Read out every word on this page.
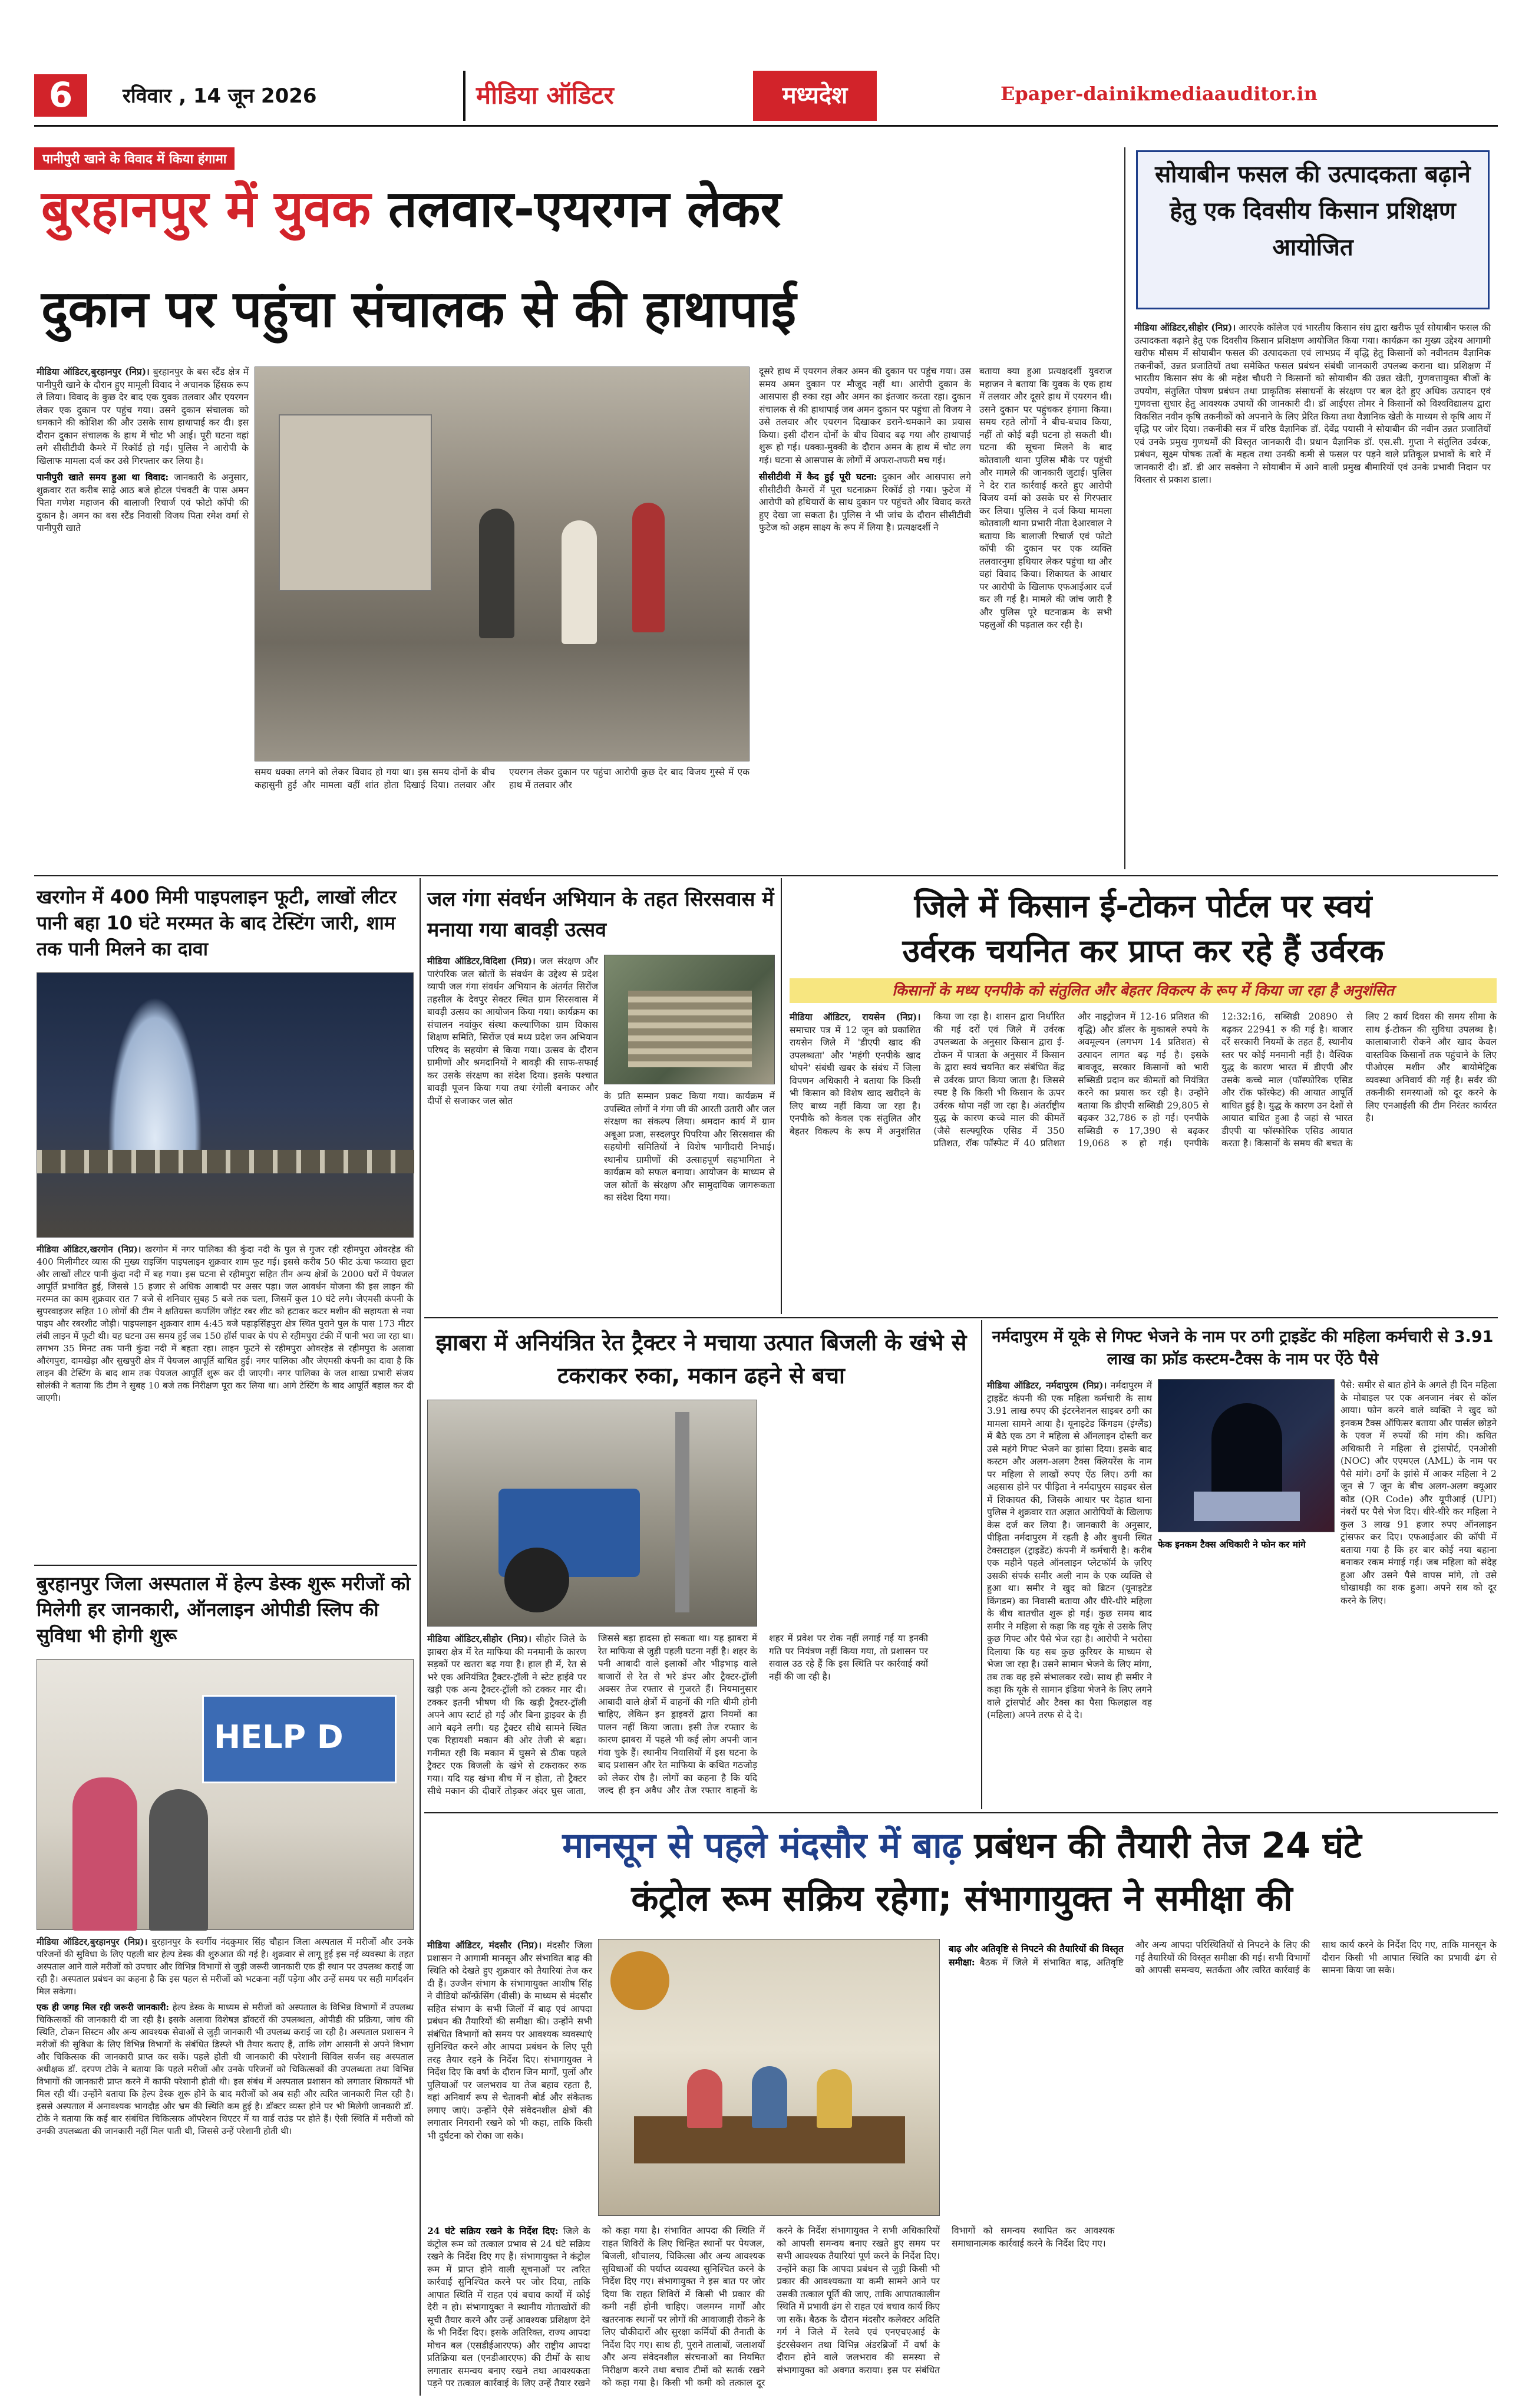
6	रविवार , 14 जून 2026	मीडिया ऑडिटर	मध्यदेश	Epaper-dainikmediaauditor.in
पानीपुरी खाने के विवाद में किया हंगामा
बुरहानपुर में युवक तलवार-एयरगन लेकर
दुकान पर पहुंचा संचालक से की हाथापाई

मीडिया ऑडिटर,बुरहानपुर (निप्र)। बुरहानपुर के बस स्टैंड क्षेत्र में पानीपुरी खाने के दौरान हुए मामूली विवाद ने अचानक हिंसक रूप ले लिया। विवाद के कुछ देर बाद एक युवक तलवार और एयरगन लेकर एक दुकान पर पहुंच गया। उसने दुकान संचालक को धमकाने की कोशिश की और उसके साथ हाथापाई कर दी। इस दौरान दुकान संचालक के हाथ में चोट भी आई। पूरी घटना वहां लगे सीसीटीवी कैमरे में रिकॉर्ड हो गई। पुलिस ने आरोपी के खिलाफ मामला दर्ज कर उसे गिरफ्तार कर लिया है।

पानीपुरी खाते समय हुआ था विवाद: जानकारी के अनुसार, शुक्रवार रात करीब साढ़े आठ बजे होटल पंचवटी के पास अमन पिता गणेश महाजन की बालाजी रिचार्ज एवं फोटो कॉपी की दुकान है। अमन का बस स्टैंड निवासी विजय पिता रमेश वर्मा से पानीपुरी खाते

समय धक्का लगने को लेकर विवाद हो गया था। इस समय दोनों के बीच कहासुनी हुई और मामला वहीं शांत होता दिखाई दिया। तलवार और एयरगन लेकर दुकान पर पहुंचा आरोपी कुछ देर बाद विजय गुस्से में एक हाथ में तलवार और

दूसरे हाथ में एयरगन लेकर अमन की दुकान पर पहुंच गया। उस समय अमन दुकान पर मौजूद नहीं था। आरोपी दुकान के आसपास ही रुका रहा और अमन का इंतजार करता रहा। दुकान संचालक से की हाथापाई जब अमन दुकान पर पहुंचा तो विजय ने उसे तलवार और एयरगन दिखाकर डराने-धमकाने का प्रयास किया। इसी दौरान दोनों के बीच विवाद बढ़ गया और हाथापाई शुरू हो गई। धक्का-मुक्की के दौरान अमन के हाथ में चोट लग गई। घटना से आसपास के लोगों में अफरा-तफरी मच गई।

सीसीटीवी में कैद हुई पूरी घटना: दुकान और आसपास लगे सीसीटीवी कैमरों में पूरा घटनाक्रम रिकॉर्ड हो गया। फुटेज में आरोपी को हथियारों के साथ दुकान पर पहुंचते और विवाद करते हुए देखा जा सकता है। पुलिस ने भी जांच के दौरान सीसीटीवी फुटेज को अहम साक्ष्य के रूप में लिया है। प्रत्यक्षदर्शी ने

बताया क्या हुआ प्रत्यक्षदर्शी युवराज महाजन ने बताया कि युवक के एक हाथ में तलवार और दूसरे हाथ में एयरगन थी। उसने दुकान पर पहुंचकर हंगामा किया। समय रहते लोगों ने बीच-बचाव किया, नहीं तो कोई बड़ी घटना हो सकती थी। घटना की सूचना मिलने के बाद कोतवाली थाना पुलिस मौके पर पहुंची और मामले की जानकारी जुटाई। पुलिस ने देर रात कार्रवाई करते हुए आरोपी विजय वर्मा को उसके घर से गिरफ्तार कर लिया। पुलिस ने दर्ज किया मामला कोतवाली थाना प्रभारी नीता देआरवाल ने बताया कि बालाजी रिचार्ज एवं फोटो कॉपी की दुकान पर एक व्यक्ति तलवारनुमा हथियार लेकर पहुंचा था और वहां विवाद किया। शिकायत के आधार पर आरोपी के खिलाफ एफआईआर दर्ज कर ली गई है। मामले की जांच जारी है और पुलिस पूरे घटनाक्रम के सभी पहलुओं की पड़ताल कर रही है।

सोयाबीन फसल की उत्पादकता बढ़ाने हेतु एक दिवसीय किसान प्रशिक्षण आयोजित

मीडिया ऑडिटर,सीहोर (निप्र)। आरएके कॉलेज एवं भारतीय किसान संघ द्वारा खरीफ पूर्व सोयाबीन फसल की उत्पादकता बढ़ाने हेतु एक दिवसीय किसान प्रशिक्षण आयोजित किया गया। कार्यक्रम का मुख्य उद्देश्य आगामी खरीफ मौसम में सोयाबीन फसल की उत्पादकता एवं लाभप्रद में वृद्धि हेतु किसानों को नवीनतम वैज्ञानिक तकनीकों, उन्नत प्रजातियों तथा समेकित फसल प्रबंधन संबंधी जानकारी उपलब्ध कराना था। प्रशिक्षण में भारतीय किसान संघ के श्री महेश चौधरी ने किसानों को सोयाबीन की उन्नत खेती, गुणवत्तायुक्त बीजों के उपयोग, संतुलित पोषण प्रबंधन तथा प्राकृतिक संसाधनों के संरक्षण पर बल देते हुए अधिक उत्पादन एवं गुणवत्ता सुधार हेतु आवश्यक उपायों की जानकारी दी। डॉ आईएस तोमर ने किसानों को विश्वविद्यालय द्वारा विकसित नवीन कृषि तकनीकों को अपनाने के लिए प्रेरित किया तथा वैज्ञानिक खेती के माध्यम से कृषि आय में वृद्धि पर जोर दिया। तकनीकी सत्र में वरिष्ठ वैज्ञानिक डॉ. देवेंद्र पयासी ने सोयाबीन की नवीन उन्नत प्रजातियों एवं उनके प्रमुख गुणधर्मों की विस्तृत जानकारी दी। प्रधान वैज्ञानिक डॉ. एस.सी. गुप्ता ने संतुलित उर्वरक, प्रबंधन, सूक्ष्म पोषक तत्वों के महत्व तथा उनकी कमी से फसल पर पड़ने वाले प्रतिकूल प्रभावों के बारे में जानकारी दी। डॉ. डी आर सक्सेना ने सोयाबीन में आने वाली प्रमुख बीमारियों एवं उनके प्रभावी निदान पर विस्तार से प्रकाश डाला।

खरगोन में 400 मिमी पाइपलाइन फूटी, लाखों लीटर पानी बहा 10 घंटे मरम्मत के बाद टेस्टिंग जारी, शाम तक पानी मिलने का दावा

मीडिया ऑडिटर,खरगोन (निप्र)। खरगोन में नगर पालिका की कुंदा नदी के पुल से गुजर रही रहीमपुरा ओवरहेड की 400 मिलीमीटर व्यास की मुख्य राइजिंग पाइपलाइन शुक्रवार शाम फूट गई। इससे करीब 50 फीट ऊंचा फव्वारा छूटा और लाखों लीटर पानी कुंदा नदी में बह गया। इस घटना से रहीमपुरा सहित तीन अन्य क्षेत्रों के 2000 घरों में पेयजल आपूर्ति प्रभावित हुई, जिससे 15 हजार से अधिक आबादी पर असर पड़ा। जल आवर्धन योजना की इस लाइन की मरम्मत का काम शुक्रवार रात 7 बजे से शनिवार सुबह 5 बजे तक चला, जिसमें कुल 10 घंटे लगे। जेएमसी कंपनी के सुपरवाइजर सहित 10 लोगों की टीम ने क्षतिग्रस्त कपलिंग जॉइंट रबर शीट को हटाकर कटर मशीन की सहायता से नया पाइप और रबरशीट जोड़ी। पाइपलाइन शुक्रवार शाम 4:45 बजे पहाड़सिंहपुरा क्षेत्र स्थित पुराने पुल के पास 173 मीटर लंबी लाइन में फूटी थी। यह घटना उस समय हुई जब 150 हॉर्स पावर के पंप से रहीमपुरा टंकी में पानी भरा जा रहा था। लगभग 35 मिनट तक पानी कुंदा नदी में बहता रहा। लाइन फूटने से रहीमपुरा ओवरहेड से रहीमपुरा के अलावा औरंगपुरा, दामखेड़ा और सुखपुरी क्षेत्र में पेयजल आपूर्ति बाधित हुई। नगर पालिका और जेएमसी कंपनी का दावा है कि लाइन की टेस्टिंग के बाद शाम तक पेयजल आपूर्ति शुरू कर दी जाएगी। नगर पालिका के जल शाखा प्रभारी संजय सोलंकी ने बताया कि टीम ने सुबह 10 बजे तक निरीक्षण पूरा कर लिया था। आगे टेस्टिंग के बाद आपूर्ति बहाल कर दी जाएगी।

बुरहानपुर जिला अस्पताल में हेल्प डेस्क शुरू मरीजों को मिलेगी हर जानकारी, ऑनलाइन ओपीडी स्लिप की सुविधा भी होगी शुरू
HELP D

मीडिया ऑडिटर,बुरहानपुर (निप्र)। बुरहानपुर के स्वर्गीय नंदकुमार सिंह चौहान जिला अस्पताल में मरीजों और उनके परिजनों की सुविधा के लिए पहली बार हेल्प डेस्क की शुरुआत की गई है। शुक्रवार से लागू हुई इस नई व्यवस्था के तहत अस्पताल आने वाले मरीजों को उपचार और विभिन्न विभागों से जुड़ी जरूरी जानकारी एक ही स्थान पर उपलब्ध कराई जा रही है। अस्पताल प्रबंधन का कहना है कि इस पहल से मरीजों को भटकना नहीं पड़ेगा और उन्हें समय पर सही मार्गदर्शन मिल सकेगा।

एक ही जगह मिल रही जरूरी जानकारी: हेल्प डेस्क के माध्यम से मरीजों को अस्पताल के विभिन्न विभागों में उपलब्ध चिकित्सकों की जानकारी दी जा रही है। इसके अलावा विशेषज्ञ डॉक्टरों की उपलब्धता, ओपीडी की प्रक्रिया, जांच की स्थिति, टोकन सिस्टम और अन्य आवश्यक सेवाओं से जुड़ी जानकारी भी उपलब्ध कराई जा रही है। अस्पताल प्रशासन ने मरीजों की सुविधा के लिए विभिन्न विभागों के संबंधित डिस्प्ले भी तैयार कराए हैं, ताकि लोग आसानी से अपने विभाग और चिकित्सक की जानकारी प्राप्त कर सकें। पहले होती थी जानकारी की परेशानी सिविल सर्जन सह अस्पताल अधीक्षक डॉ. दरपण टोके ने बताया कि पहले मरीजों और उनके परिजनों को चिकित्सकों की उपलब्धता तथा विभिन्न विभागों की जानकारी प्राप्त करने में काफी परेशानी होती थी। इस संबंध में अस्पताल प्रशासन को लगातार शिकायतें भी मिल रही थीं। उन्होंने बताया कि हेल्प डेस्क शुरू होने के बाद मरीजों को अब सही और त्वरित जानकारी मिल रही है। इससे अस्पताल में अनावश्यक भागदौड़ और भ्रम की स्थिति कम हुई है। डॉक्टर व्यस्त होने पर भी मिलेगी जानकारी डॉ. टोके ने बताया कि कई बार संबंधित चिकित्सक ऑपरेशन थिएटर में या वार्ड राउंड पर होते हैं। ऐसी स्थिति में मरीजों को उनकी उपलब्धता की जानकारी नहीं मिल पाती थी, जिससे उन्हें परेशानी होती थी।

जल गंगा संवर्धन अभियान के तहत सिरसवास में मनाया गया बावड़ी उत्सव

मीडिया ऑडिटर,विदिशा (निप्र)। जल संरक्षण और पारंपरिक जल स्रोतों के संवर्धन के उद्देश्य से प्रदेश व्यापी जल गंगा संवर्धन अभियान के अंतर्गत सिरोंज तहसील के देवपुर सेक्टर स्थित ग्राम सिरसवास में बावड़ी उत्सव का आयोजन किया गया। कार्यक्रम का संचालन नवांकुर संस्था कल्याणिका ग्राम विकास शिक्षण समिति, सिरोंज एवं मध्य प्रदेश जन अभियान परिषद के सहयोग से किया गया। उत्सव के दौरान ग्रामीणों और श्रमदानियों ने बावड़ी की साफ-सफाई कर उसके संरक्षण का संदेश दिया। इसके पश्चात बावड़ी पूजन किया गया तथा रंगोली बनाकर और दीपों से सजाकर जल स्रोत	के प्रति सम्मान प्रकट किया गया। कार्यक्रम में उपस्थित लोगों ने गंगा जी की आरती उतारी और जल संरक्षण का संकल्प लिया। श्रमदान कार्य में ग्राम अबूआ प्रजा, सस्दलपुर पिपरिया और सिरसवास की सहयोगी समितियों ने विशेष भागीदारी निभाई। स्थानीय ग्रामीणों की उत्साहपूर्ण सहभागिता ने कार्यक्रम को सफल बनाया। आयोजन के माध्यम से जल स्रोतों के संरक्षण और सामुदायिक जागरूकता का संदेश दिया गया।

जिले में किसान ई-टोकन पोर्टल पर स्वयं
उर्वरक चयनित कर प्राप्त कर रहे हैं उर्वरक
किसानों के मध्य एनपीके को संतुलित और बेहतर विकल्प के रूप में किया जा रहा है अनुशंसित

मीडिया ऑडिटर, रायसेन (निप्र)। समाचार पत्र में 12 जून को प्रकाशित रायसेन जिले में 'डीएपी खाद की उपलब्धता' और 'महंगी एनपीके खाद थोपने' संबंधी खबर के संबंध में जिला विपणन अधिकारी ने बताया कि किसी भी किसान को विशेष खाद खरीदने के लिए बाध्य नहीं किया जा रहा है। एनपीके को केवल एक संतुलित और बेहतर विकल्प के रूप में अनुशंसित किया जा रहा है। शासन द्वारा निर्धारित की गई दरों एवं जिले में उर्वरक उपलब्धता के अनुसार किसान द्वारा ई-टोकन में पात्रता के अनुसार में किसान के द्वारा स्वयं चयनित कर संबंधित केंद्र से उर्वरक प्राप्त किया जाता है। जिससे स्पष्ट है कि किसी भी किसान के ऊपर उर्वरक थोपा नहीं जा रहा है। अंतर्राष्ट्रीय युद्ध के कारण कच्चे माल की कीमतें (जैसे सल्फ्यूरिक एसिड में 350 प्रतिशत, रॉक फॉस्फेट में 40 प्रतिशत और नाइट्रोजन में 12-16 प्रतिशत की वृद्धि) और डॉलर के मुकाबले रुपये के अवमूल्यन (लगभग 14 प्रतिशत) से उत्पादन लागत बढ़ गई है। इसके बावजूद, सरकार किसानों को भारी सब्सिडी प्रदान कर कीमतों को नियंत्रित करने का प्रयास कर रही है। उन्होंने बताया कि डीएपी सब्सिडी 29,805 से बढ़कर 32,786 रु हो गई। एनपीके सब्सिडी रु 17,390 से बढ़कर 19,068 रु हो गई। एनपीके 12:32:16, सब्सिडी 20890 से बढ़कर 22941 रु की गई है। बाजार दरें सरकारी नियमों के तहत हैं, स्थानीय स्तर पर कोई मनमानी नहीं है। वैश्विक युद्ध के कारण भारत में डीएपी और उसके कच्चे माल (फॉस्फोरिक एसिड और रॉक फॉस्फेट) की आयात आपूर्ति बाधित हुई है। युद्ध के कारण उन देशों से आयात बाधित हुआ है जहां से भारत डीएपी या फॉस्फोरिक एसिड आयात करता है। किसानों के समय की बचत के लिए 2 कार्य दिवस की समय सीमा के साथ ई-टोकन की सुविधा उपलब्ध है। कालाबाजारी रोकने और खाद केवल वास्तविक किसानों तक पहुंचाने के लिए पीओएस मशीन और बायोमेट्रिक व्यवस्था अनिवार्य की गई है। सर्वर की तकनीकी समस्याओं को दूर करने के लिए एनआईसी की टीम निरंतर कार्यरत है।

झाबरा में अनियंत्रित रेत ट्रैक्टर ने मचाया उत्पात बिजली के खंभे से टकराकर रुका, मकान ढहने से बचा

मीडिया ऑडिटर,सीहोर (निप्र)। सीहोर जिले के झाबरा क्षेत्र में रेत माफिया की मनमानी के कारण सड़कों पर खतरा बढ़ गया है। हाल ही में, रेत से भरे एक अनियंत्रित ट्रैक्टर-ट्रॉली ने स्टेट हाईवे पर खड़ी एक अन्य ट्रैक्टर-ट्रॉली को टक्कर मार दी। टक्कर इतनी भीषण थी कि खड़ी ट्रैक्टर-ट्रॉली अपने आप स्टार्ट हो गई और बिना ड्राइवर के ही आगे बढ़ने लगी। यह ट्रैक्टर सीधे सामने स्थित एक रिहायशी मकान की ओर तेजी से बढ़ा। गनीमत रही कि मकान में घुसने से ठीक पहले ट्रैक्टर एक बिजली के खंभे से टकराकर रुक गया। यदि यह खंभा बीच में न होता, तो ट्रैक्टर सीधे मकान की दीवारें तोड़कर अंदर घुस जाता, जिससे बड़ा हादसा हो सकता था। यह झाबरा में रेत माफिया से जुड़ी पहली घटना नहीं है। शहर के पनी आबादी वाले इलाकों और भीड़भाड़ वाले बाजारों से रेत से भरे डंपर और ट्रैक्टर-ट्रॉली अक्सर तेज रफ्तार से गुजरते हैं। नियमानुसार आबादी वाले क्षेत्रों में वाहनों की गति धीमी होनी चाहिए, लेकिन इन ड्राइवरों द्वारा नियमों का पालन नहीं किया जाता। इसी तेज रफ्तार के कारण झाबरा में पहले भी कई लोग अपनी जान गंवा चुके हैं। स्थानीय निवासियों में इस घटना के बाद प्रशासन और रेत माफिया के कथित गठजोड़ को लेकर रोष है। लोगों का कहना है कि यदि जल्द ही इन अवैध और तेज रफ्तार वाहनों के शहर में प्रवेश पर रोक नहीं लगाई गई या इनकी गति पर नियंत्रण नहीं किया गया, तो प्रशासन पर सवाल उठ रहे हैं कि इस स्थिति पर कार्रवाई क्यों नहीं की जा रही है।

नर्मदापुरम में यूके से गिफ्ट भेजने के नाम पर ठगी ट्राइडेंट की महिला कर्मचारी से 3.91 लाख का फ्रॉड कस्टम-टैक्स के नाम पर ऐंठे पैसे

मीडिया ऑडिटर, नर्मदापुरम (निप्र)। नर्मदापुरम में ट्राइडेंट कंपनी की एक महिला कर्मचारी के साथ 3.91 लाख रुपए की इंटरनेशनल साइबर ठगी का मामला सामने आया है। यूनाइटेड किंगडम (इंग्लैंड) में बैठे एक ठग ने महिला से ऑनलाइन दोस्ती कर उसे महंगे गिफ्ट भेजने का झांसा दिया। इसके बाद कस्टम और अलग-अलग टैक्स क्लियरेंस के नाम पर महिला से लाखों रुपए ऐंठ लिए। ठगी का अहसास होने पर पीड़िता ने नर्मदापुरम साइबर सेल में शिकायत की, जिसके आधार पर देहात थाना पुलिस ने शुक्रवार रात अज्ञात आरोपियों के खिलाफ केस दर्ज कर लिया है। जानकारी के अनुसार, पीड़िता नर्मदापुरम में रहती है और बुधनी स्थित टेक्सटाइल (ट्राइडेंट) कंपनी में कर्मचारी है। करीब एक महीने पहले ऑनलाइन प्लेटफॉर्म के ज़रिए उसकी संपर्क समीर अली नाम के एक व्यक्ति से हुआ था। समीर ने खुद को ब्रिटन (यूनाइटेड किंगडम) का निवासी बताया और धीरे-धीरे महिला के बीच बातचीत शुरू हो गई। कुछ समय बाद समीर ने महिला से कहा कि वह यूके से उसके लिए कुछ गिफ्ट और पैसे भेज रहा है। आरोपी ने भरोसा दिलाया कि यह सब कुछ कुरियर के माध्यम से भेजा जा रहा है। उसने सामान भेजने के लिए मांगा, तब तक वह इसे संभालकर रखे। साथ ही समीर ने कहा कि यूके से सामान इंडिया भेजने के लिए लगने वाले ट्रांसपोर्ट और टैक्स का पैसा फिलहाल वह (महिला) अपने तरफ से दे दे।

फेक इनकम टैक्स अधिकारी ने फोन कर मांगे

पैसे: समीर से बात होने के अगले ही दिन महिला के मोबाइल पर एक अनजान नंबर से कॉल आया। फोन करने वाले व्यक्ति ने खुद को इनकम टैक्स ऑफिसर बताया और पार्सल छोड़ने के एवज में रुपयों की मांग की। कथित अधिकारी ने महिला से ट्रांसपोर्ट, एनओसी (NOC) और एएमएल (AML) के नाम पर पैसे मांगे। ठगों के झांसे में आकर महिला ने 2 जून से 7 जून के बीच अलग-अलग क्यूआर कोड (QR Code) और यूपीआई (UPI) नंबरों पर पैसे भेज दिए। धीरे-धीरे कर महिला ने कुल 3 लाख 91 हजार रुपए ऑनलाइन ट्रांसफर कर दिए। एफआईआर की कॉपी में बताया गया है कि हर बार कोई नया बहाना बनाकर रकम मंगाई गई। जब महिला को संदेह हुआ और उसने पैसे वापस मांगे, तो उसे धोखाधड़ी का शक हुआ। अपने सब को दूर करने के लिए।

मानसून से पहले मंदसौर में बाढ़ प्रबंधन की तैयारी तेज 24 घंटे
कंट्रोल रूम सक्रिय रहेगा; संभागायुक्त ने समीक्षा की

मीडिया ऑडिटर, मंदसौर (निप्र)। मंदसौर जिला प्रशासन ने आगामी मानसून और संभावित बाढ़ की स्थिति को देखते हुए शुक्रवार को तैयारियां तेज कर दी हैं। उज्जैन संभाग के संभागायुक्त आशीष सिंह ने वीडियो कॉन्फ्रेंसिंग (वीसी) के माध्यम से मंदसौर सहित संभाग के सभी जिलों में बाढ़ एवं आपदा प्रबंधन की तैयारियों की समीक्षा की। उन्होंने सभी संबंधित विभागों को समय पर आवश्यक व्यवस्थाएं सुनिश्चित करने और आपदा प्रबंधन के लिए पूरी तरह तैयार रहने के निर्देश दिए। संभागायुक्त ने निर्देश दिए कि वर्षा के दौरान जिन मार्गों, पुलों और पुलियाओं पर जलभराव या तेज बहाव रहता है, वहां अनिवार्य रूप से चेतावनी बोर्ड और संकेतक लगाए जाएं। उन्होंने ऐसे संवेदनशील क्षेत्रों की लगातार निगरानी रखने को भी कहा, ताकि किसी भी दुर्घटना को रोका जा सके।

24 घंटे सक्रिय रखने के निर्देश दिए: जिले के कंट्रोल रूम को तत्काल प्रभाव से 24 घंटे सक्रिय रखने के निर्देश दिए गए हैं। संभागायुक्त ने कंट्रोल रूम में प्राप्त होने वाली सूचनाओं पर त्वरित कार्रवाई सुनिश्चित करने पर जोर दिया, ताकि आपात स्थिति में राहत एवं बचाव कार्यों में कोई देरी न हो। संभागायुक्त ने स्थानीय गोताखोरों की सूची तैयार करने और उन्हें आवश्यक प्रशिक्षण देने के भी निर्देश दिए। इसके अतिरिक्त, राज्य आपदा मोचन बल (एसडीईआरएफ) और राष्ट्रीय आपदा प्रतिक्रिया बल (एनडीआरएफ) की टीमों के साथ लगातार समन्वय बनाए रखने तथा आवश्यकता पड़ने पर तत्काल कार्रवाई के लिए उन्हें तैयार रखने को कहा गया है। संभावित आपदा की स्थिति में राहत शिविरों के लिए चिन्हित स्थानों पर पेयजल, बिजली, शौचालय, चिकित्सा और अन्य आवश्यक सुविधाओं की पर्याप्त व्यवस्था सुनिश्चित करने के निर्देश दिए गए। संभागायुक्त ने इस बात पर जोर दिया कि राहत शिविरों में किसी भी प्रकार की कमी नहीं होनी चाहिए। जलमग्न मार्गों और खतरनाक स्थानों पर लोगों की आवाजाही रोकने के लिए चौकीदारों और सुरक्षा कर्मियों की तैनाती के निर्देश दिए गए। साथ ही, पुराने तालाबों, जलाशयों और अन्य संवेदनशील संरचनाओं का नियमित निरीक्षण करने तथा बचाव टीमों को सतर्क रखने को कहा गया है। किसी भी कमी को तत्काल दूर करने के निर्देश संभागायुक्त ने सभी अधिकारियों को आपसी समन्वय बनाए रखते हुए समय पर सभी आवश्यक तैयारियां पूर्ण करने के निर्देश दिए। उन्होंने कहा कि आपदा प्रबंधन से जुड़ी किसी भी प्रकार की आवश्यकता या कमी सामने आने पर उसकी तत्काल पूर्ति की जाए, ताकि आपातकालीन स्थिति में प्रभावी ढंग से राहत एवं बचाव कार्य किए जा सकें। बैठक के दौरान मंदसौर कलेक्टर अदिति गर्ग ने जिले में रेलवे एवं एनएचएआई के इंटरसेक्शन तथा विभिन्न अंडरब्रिजों में वर्षा के दौरान होने वाले जलभराव की समस्या से संभागायुक्त को अवगत कराया। इस पर संबंधित विभागों को समन्वय स्थापित कर आवश्यक समाधानात्मक कार्रवाई करने के निर्देश दिए गए।

बाढ़ और अतिवृष्टि से निपटने की तैयारियों की विस्तृत समीक्षा: बैठक में जिले में संभावित बाढ़, अतिवृष्टि और अन्य आपदा परिस्थितियों से निपटने के लिए की गई तैयारियों की विस्तृत समीक्षा की गई। सभी विभागों को आपसी समन्वय, सतर्कता और त्वरित कार्रवाई के साथ कार्य करने के निर्देश दिए गए, ताकि मानसून के दौरान किसी भी आपात स्थिति का प्रभावी ढंग से सामना किया जा सके।
